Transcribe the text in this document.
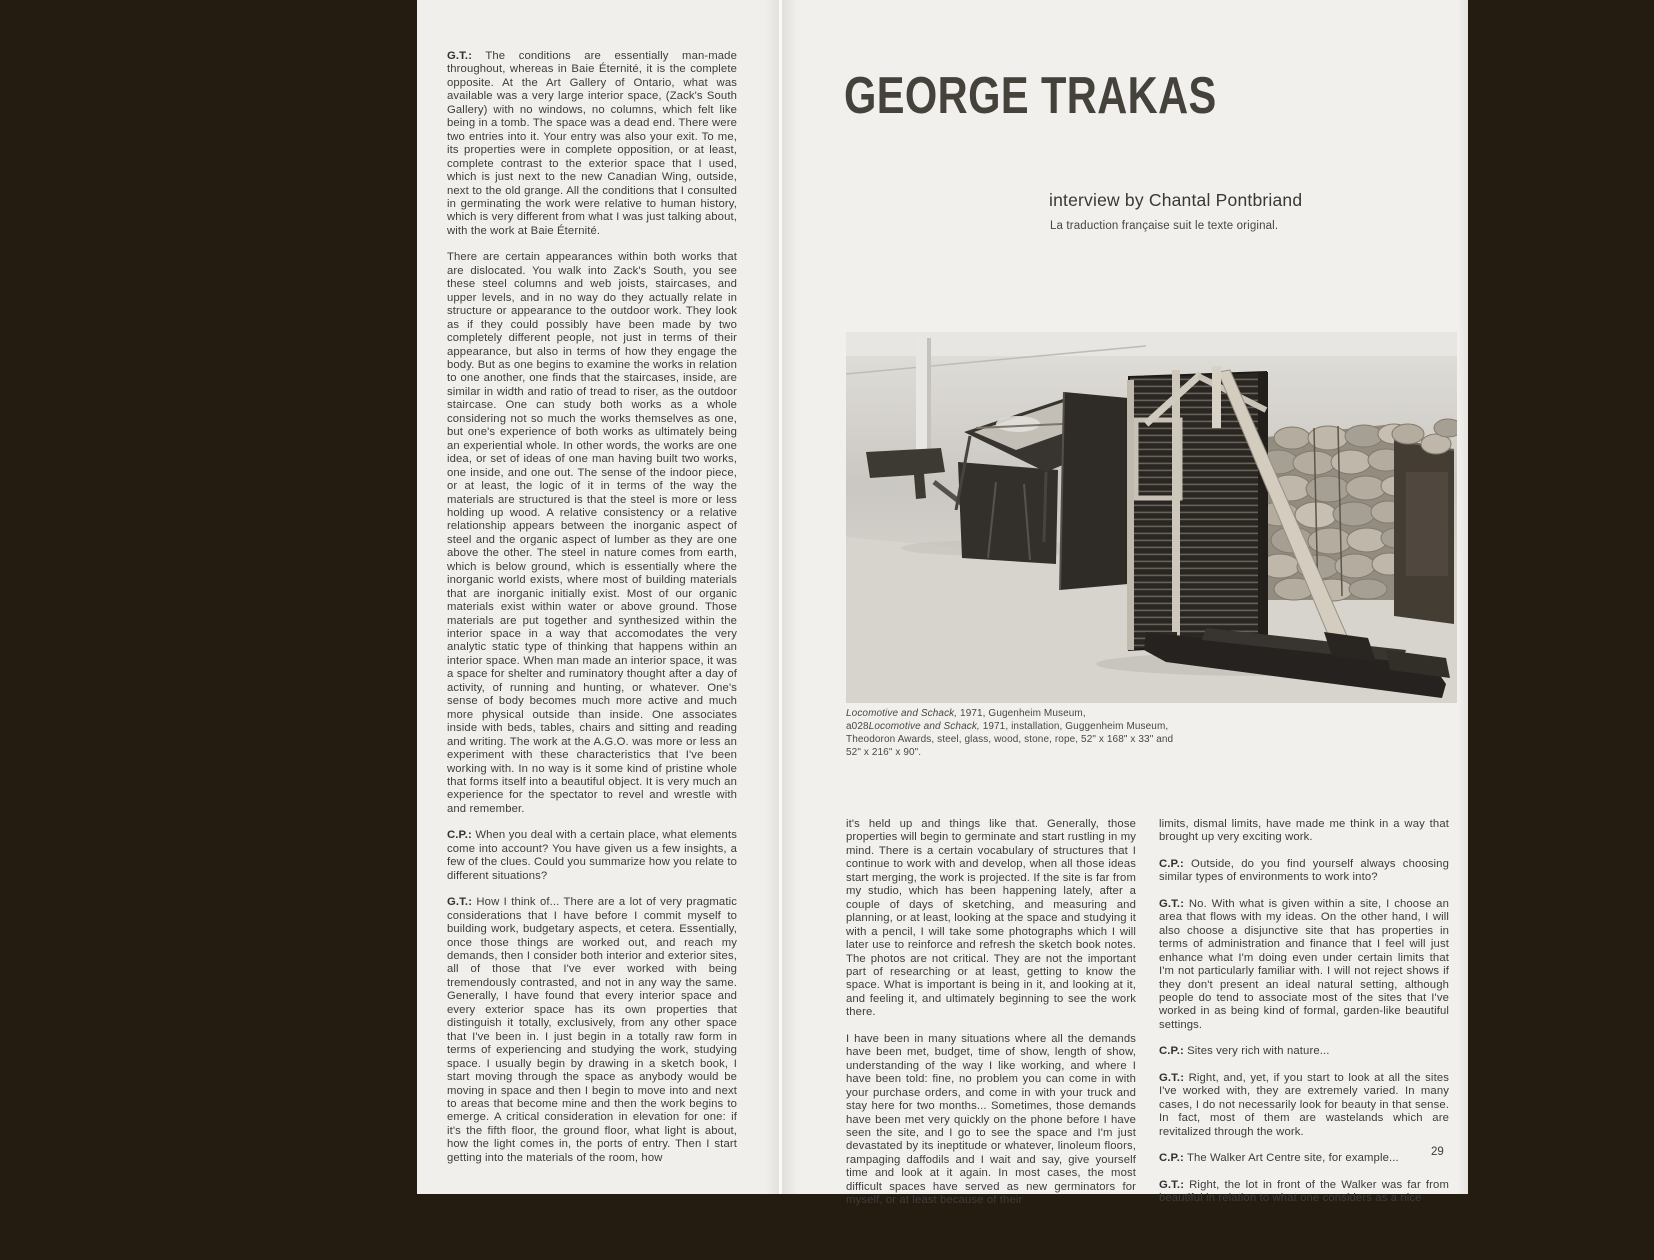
G.T.: The conditions are essentially man-made throughout, whereas in Baie Éternité, it is the complete opposite. At the Art Gallery of Ontario, what was available was a very large interior space, (Zack's South Gallery) with no windows, no columns, which felt like being in a tomb. The space was a dead end. There were two entries into it. Your entry was also your exit. To me, its properties were in complete opposition, or at least, complete contrast to the exterior space that I used, which is just next to the new Canadian Wing, outside, next to the old grange. All the conditions that I consulted in germinating the work were relative to human history, which is very different from what I was just talking about, with the work at Baie Éternité.

There are certain appearances within both works that are dislocated. You walk into Zack's South, you see these steel columns and web joists, staircases, and upper levels, and in no way do they actually relate in structure or appearance to the outdoor work. They look as if they could possibly have been made by two completely different people, not just in terms of their appearance, but also in terms of how they engage the body. But as one begins to examine the works in relation to one another, one finds that the staircases, inside, are similar in width and ratio of tread to riser, as the outdoor staircase. One can study both works as a whole considering not so much the works themselves as one, but one's experience of both works as ultimately being an experiential whole. In other words, the works are one idea, or set of ideas of one man having built two works, one inside, and one out. The sense of the indoor piece, or at least, the logic of it in terms of the way the materials are structured is that the steel is more or less holding up wood. A relative consistency or a relative relationship appears between the inorganic aspect of steel and the organic aspect of lumber as they are one above the other. The steel in nature comes from earth, which is below ground, which is essentially where the inorganic world exists, where most of building materials that are inorganic initially exist. Most of our organic materials exist within water or above ground. Those materials are put together and synthesized within the interior space in a way that accomodates the very analytic static type of thinking that happens within an interior space. When man made an interior space, it was a space for shelter and ruminatory thought after a day of activity, of running and hunting, or whatever. One's sense of body becomes much more active and much more physical outside than inside. One associates inside with beds, tables, chairs and sitting and reading and writing. The work at the A.G.O. was more or less an experiment with these characteristics that I've been working with. In no way is it some kind of pristine whole that forms itself into a beautiful object. It is very much an experience for the spectator to revel and wrestle with and remember.

C.P.: When you deal with a certain place, what elements come into account? You have given us a few insights, a few of the clues. Could you summarize how you relate to different situations?

G.T.: How I think of... There are a lot of very pragmatic considerations that I have before I commit myself to building work, budgetary aspects, et cetera. Essentially, once those things are worked out, and reach my demands, then I consider both interior and exterior sites, all of those that I've ever worked with being tremendously contrasted, and not in any way the same. Generally, I have found that every interior space and every exterior space has its own properties that distinguish it totally, exclusively, from any other space that I've been in. I just begin in a totally raw form in terms of experiencing and studying the work, studying space. I usually begin by drawing in a sketch book, I start moving through the space as anybody would be moving in space and then I begin to move into and next to areas that become mine and then the work begins to emerge. A critical consideration in elevation for one: if it's the fifth floor, the ground floor, what light is about, how the light comes in, the ports of entry. Then I start getting into the materials of the room, how

GEORGE TRAKAS
interview by Chantal Pontbriand
La traduction française suit le texte original.
Locomotive and Schack, 1971, Gugenheim Museum,
a028Locomotive and Schack, 1971, installation, Guggenheim Museum,
Theodoron Awards, steel, glass, wood, stone, rope, 52" x 168" x 33" and
52" x 216" x 90".

it's held up and things like that. Generally, those properties will begin to germinate and start rustling in my mind. There is a certain vocabulary of structures that I continue to work with and develop, when all those ideas start merging, the work is projected. If the site is far from my studio, which has been happening lately, after a couple of days of sketching, and measuring and planning, or at least, looking at the space and studying it with a pencil, I will take some photographs which I will later use to reinforce and refresh the sketch book notes. The photos are not critical. They are not the important part of researching or at least, getting to know the space. What is important is being in it, and looking at it, and feeling it, and ultimately beginning to see the work there.

I have been in many situations where all the demands have been met, budget, time of show, length of show, understanding of the way I like working, and where I have been told: fine, no problem you can come in with your purchase orders, and come in with your truck and stay here for two months... Sometimes, those demands have been met very quickly on the phone before I have seen the site, and I go to see the space and I'm just devastated by its ineptitude or whatever, linoleum floors, rampaging daffodils and I wait and say, give yourself time and look at it again. In most cases, the most difficult spaces have served as new germinators for myself, or at least because of their

limits, dismal limits, have made me think in a way that brought up very exciting work.

C.P.: Outside, do you find yourself always choosing similar types of environments to work into?

G.T.: No. With what is given within a site, I choose an area that flows with my ideas. On the other hand, I will also choose a disjunctive site that has properties in terms of administration and finance that I feel will just enhance what I'm doing even under certain limits that I'm not particularly familiar with. I will not reject shows if they don't present an ideal natural setting, although people do tend to associate most of the sites that I've worked in as being kind of formal, garden-like beautiful settings.

C.P.: Sites very rich with nature...

G.T.: Right, and, yet, if you start to look at all the sites I've worked with, they are extremely varied. In many cases, I do not necessarily look for beauty in that sense. In fact, most of them are wastelands which are revitalized through the work.

C.P.: The Walker Art Centre site, for example...

G.T.: Right, the lot in front of the Walker was far from beautiful in relation to what one considers as a nice

29
